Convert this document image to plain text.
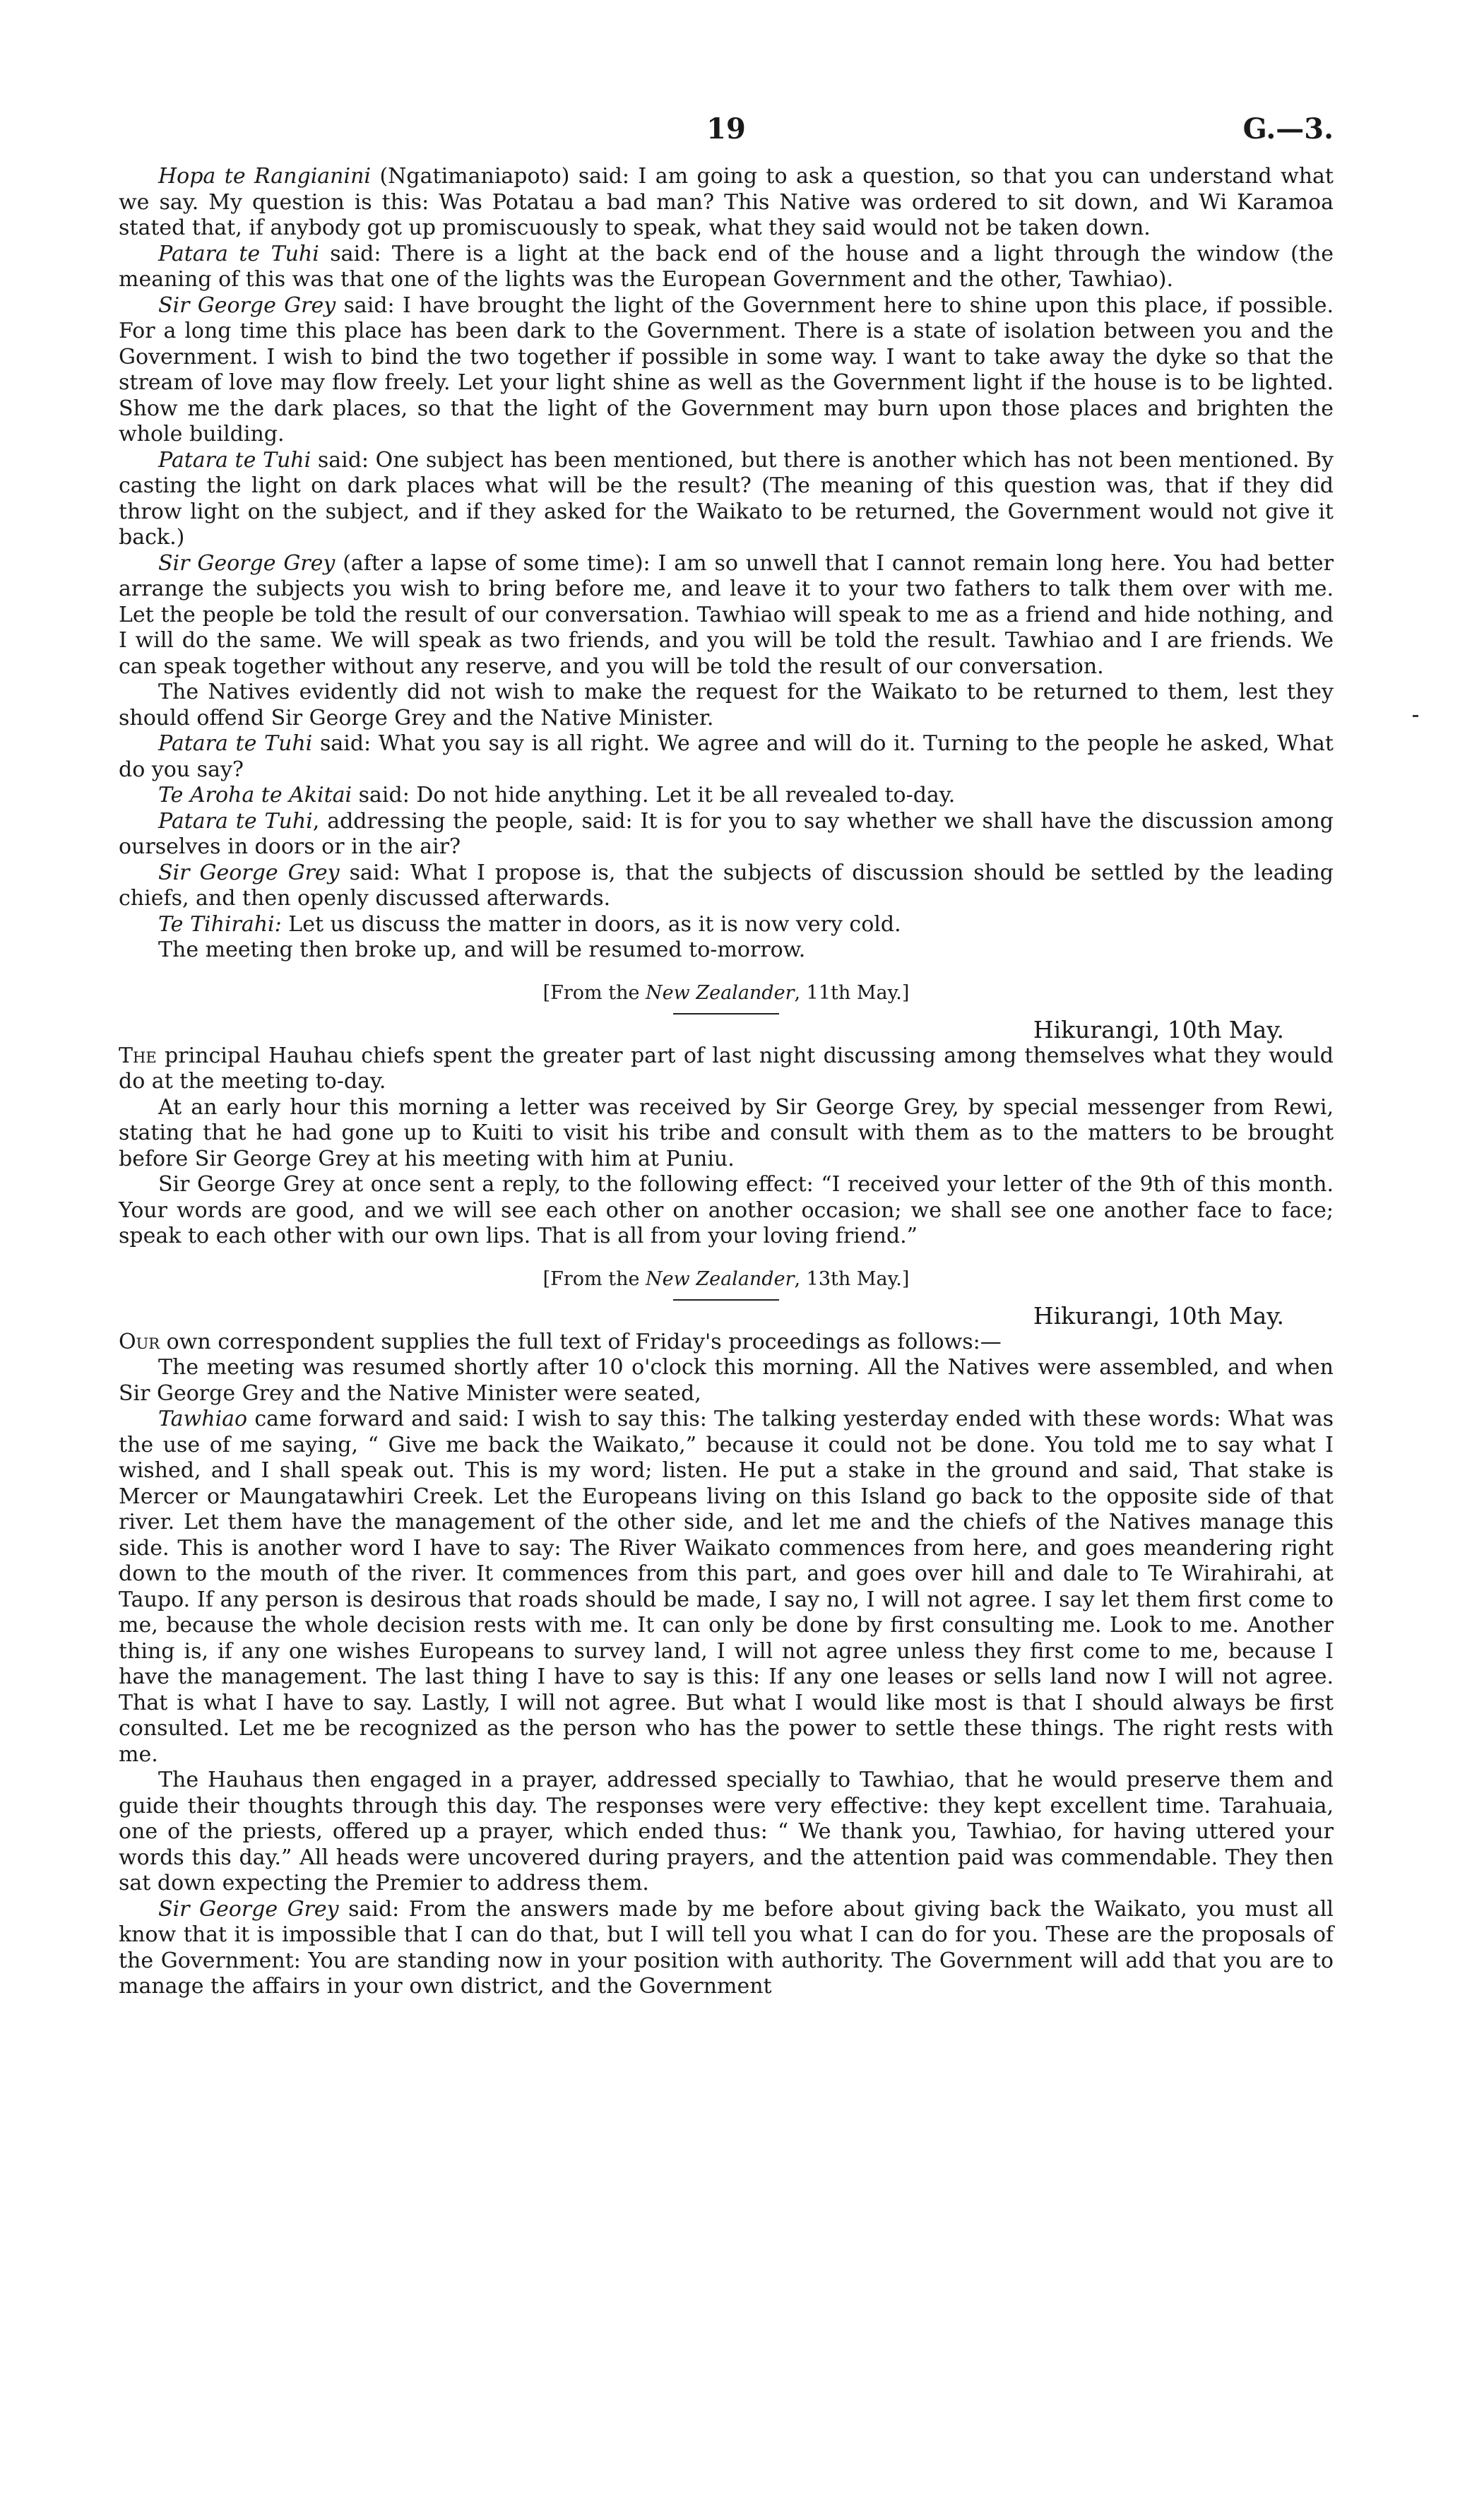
19	G.—3.

Hopa te Rangianini (Ngatimaniapoto) said: I am going to ask a question, so that you can understand what we say. My question is this: Was Potatau a bad man? This Native was ordered to sit down, and Wi Karamoa stated that, if anybody got up promiscuously to speak, what they said would not be taken down.

Patara te Tuhi said: There is a light at the back end of the house and a light through the window (the meaning of this was that one of the lights was the European Government and the other, Tawhiao).

Sir George Grey said: I have brought the light of the Government here to shine upon this place, if possible. For a long time this place has been dark to the Government. There is a state of isolation between you and the Government. I wish to bind the two together if possible in some way. I want to take away the dyke so that the stream of love may flow freely. Let your light shine as well as the Government light if the house is to be lighted. Show me the dark places, so that the light of the Government may burn upon those places and brighten the whole building.

Patara te Tuhi said: One subject has been mentioned, but there is another which has not been mentioned. By casting the light on dark places what will be the result? (The meaning of this question was, that if they did throw light on the subject, and if they asked for the Waikato to be returned, the Government would not give it back.)

Sir George Grey (after a lapse of some time): I am so unwell that I cannot remain long here. You had better arrange the subjects you wish to bring before me, and leave it to your two fathers to talk them over with me. Let the people be told the result of our conversation. Tawhiao will speak to me as a friend and hide nothing, and I will do the same. We will speak as two friends, and you will be told the result. Tawhiao and I are friends. We can speak together without any reserve, and you will be told the result of our conversation.

The Natives evidently did not wish to make the request for the Waikato to be returned to them, lest they should offend Sir George Grey and the Native Minister.

Patara te Tuhi said: What you say is all right. We agree and will do it. Turning to the people he asked, What do you say?

Te Aroha te Akitai said: Do not hide anything. Let it be all revealed to-day.

Patara te Tuhi, addressing the people, said: It is for you to say whether we shall have the discussion among ourselves in doors or in the air?

Sir George Grey said: What I propose is, that the subjects of discussion should be settled by the leading chiefs, and then openly discussed afterwards.

Te Tihirahi: Let us discuss the matter in doors, as it is now very cold.

The meeting then broke up, and will be resumed to-morrow.

[From the New Zealander, 11th May.]
Hikurangi, 10th May.

The principal Hauhau chiefs spent the greater part of last night discussing among themselves what they would do at the meeting to-day.

At an early hour this morning a letter was received by Sir George Grey, by special messenger from Rewi, stating that he had gone up to Kuiti to visit his tribe and consult with them as to the matters to be brought before Sir George Grey at his meeting with him at Puniu.

Sir George Grey at once sent a reply, to the following effect: “I received your letter of the 9th of this month. Your words are good, and we will see each other on another occasion; we shall see one another face to face; speak to each other with our own lips. That is all from your loving friend.”

[From the New Zealander, 13th May.]
Hikurangi, 10th May.

Our own correspondent supplies the full text of Friday's proceedings as follows:—

The meeting was resumed shortly after 10 o'clock this morning. All the Natives were assembled, and when Sir George Grey and the Native Minister were seated,

Tawhiao came forward and said: I wish to say this: The talking yesterday ended with these words: What was the use of me saying, “ Give me back the Waikato,” because it could not be done. You told me to say what I wished, and I shall speak out. This is my word; listen. He put a stake in the ground and said, That stake is Mercer or Maungatawhiri Creek. Let the Europeans living on this Island go back to the opposite side of that river. Let them have the management of the other side, and let me and the chiefs of the Natives manage this side. This is another word I have to say: The River Waikato commences from here, and goes meandering right down to the mouth of the river. It commences from this part, and goes over hill and dale to Te Wirahirahi, at Taupo. If any person is desirous that roads should be made, I say no, I will not agree. I say let them first come to me, because the whole decision rests with me. It can only be done by first consulting me. Look to me. Another thing is, if any one wishes Europeans to survey land, I will not agree unless they first come to me, because I have the management. The last thing I have to say is this: If any one leases or sells land now I will not agree. That is what I have to say. Lastly, I will not agree. But what I would like most is that I should always be first consulted. Let me be recognized as the person who has the power to settle these things. The right rests with me.

The Hauhaus then engaged in a prayer, addressed specially to Tawhiao, that he would preserve them and guide their thoughts through this day. The responses were very effective: they kept excellent time. Tarahuaia, one of the priests, offered up a prayer, which ended thus: “ We thank you, Tawhiao, for having uttered your words this day.” All heads were uncovered during prayers, and the attention paid was commendable. They then sat down expecting the Premier to address them.

Sir George Grey said: From the answers made by me before about giving back the Waikato, you must all know that it is impossible that I can do that, but I will tell you what I can do for you. These are the proposals of the Government: You are standing now in your position with authority. The Government will add that you are to manage the affairs in your own district, and the Government
